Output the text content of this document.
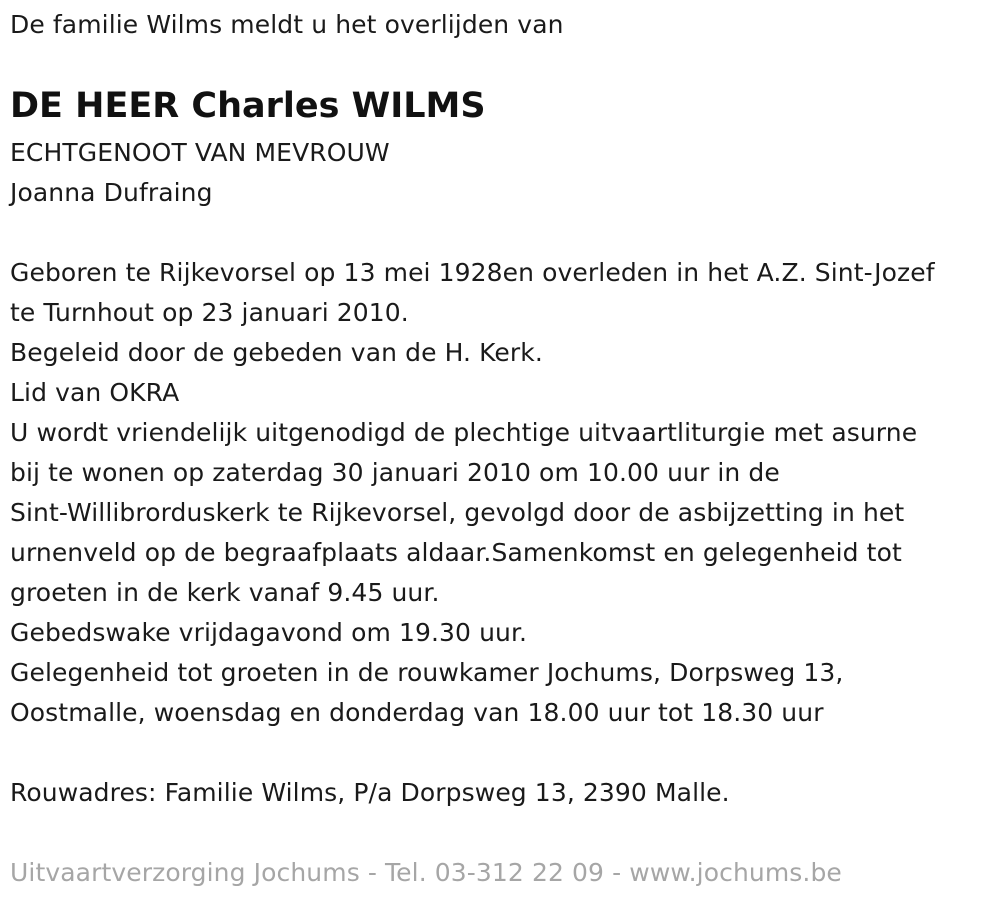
De familie Wilms meldt u het overlijden van
DE HEER Charles WILMS
ECHTGENOOT VAN MEVROUW
Joanna Dufraing
Geboren te Rijkevorsel op 13 mei 1928en overleden in het A.Z. Sint-Jozef
te Turnhout op 23 januari 2010.
Begeleid door de gebeden van de H. Kerk.
Lid van OKRA
U wordt vriendelijk uitgenodigd de plechtige uitvaartliturgie met asurne
bij te wonen op zaterdag 30 januari 2010 om 10.00 uur in de
Sint-Willibrorduskerk te Rijkevorsel, gevolgd door de asbijzetting in het
urnenveld op de begraafplaats aldaar.Samenkomst en gelegenheid tot
groeten in de kerk vanaf 9.45 uur.
Gebedswake vrijdagavond om 19.30 uur.
Gelegenheid tot groeten in de rouwkamer Jochums, Dorpsweg 13,
Oostmalle, woensdag en donderdag van 18.00 uur tot 18.30 uur
Rouwadres: Familie Wilms, P/a Dorpsweg 13, 2390 Malle.
Uitvaartverzorging Jochums - Tel. 03-312 22 09 - www.jochums.be
